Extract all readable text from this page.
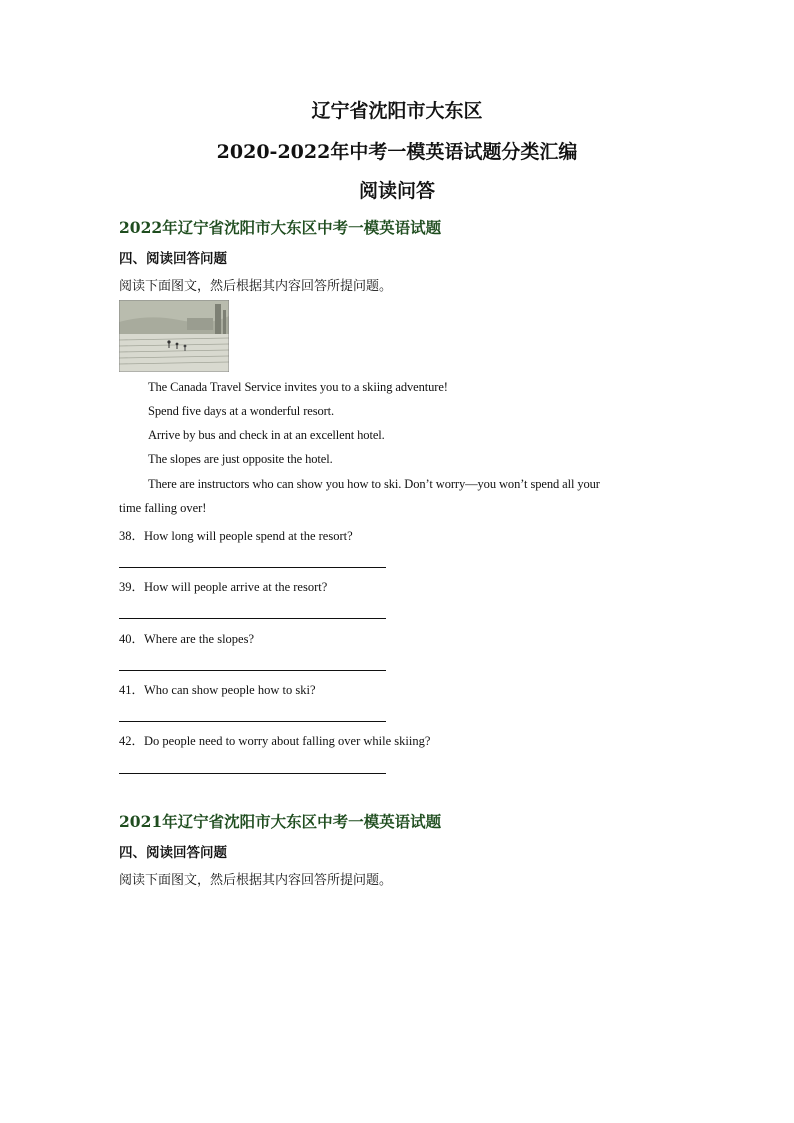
辽宁省沈阳市大东区
2020-2022年中考一模英语试题分类汇编
阅读问答
2022年辽宁省沈阳市大东区中考一模英语试题
四、阅读回答问题
阅读下面图文，然后根据其内容回答所提问题。
The Canada Travel Service invites you to a skiing adventure!
Spend five days at a wonderful resort.
Arrive by bus and check in at an excellent hotel.
The slopes are just opposite the hotel.
There are instructors who can show you how to ski. Don’t worry—you won’t spend all your
time falling over!
38．How long will people spend at the resort?
39．How will people arrive at the resort?
40．Where are the slopes?
41．Who can show people how to ski?
42．Do people need to worry about falling over while skiing?
2021年辽宁省沈阳市大东区中考一模英语试题
四、阅读回答问题
阅读下面图文，然后根据其内容回答所提问题。
